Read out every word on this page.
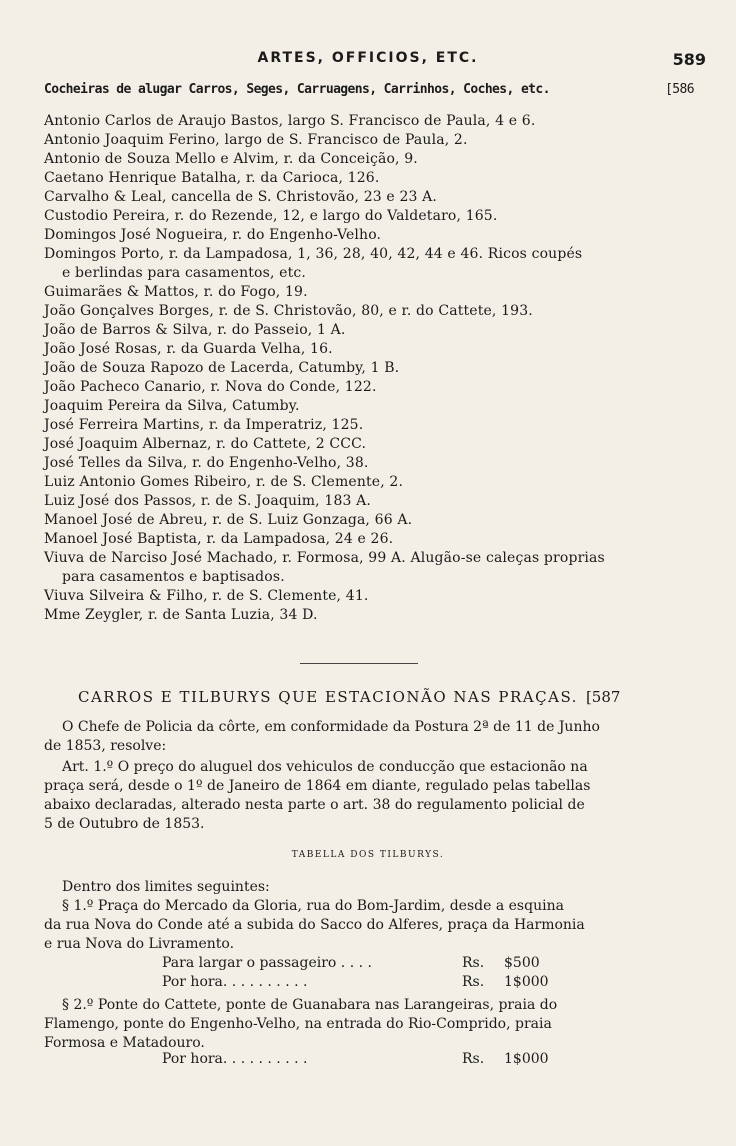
ARTES, OFFICIOS, ETC.	589
Cocheiras de alugar Carros, Seges, Carruagens, Carrinhos, Coches, etc.	[586
Antonio Carlos de Araujo Bastos, largo S. Francisco de Paula, 4 e 6.
Antonio Joaquim Ferino, largo de S. Francisco de Paula, 2.
Antonio de Souza Mello e Alvim, r. da Conceição, 9.
Caetano Henrique Batalha, r. da Carioca, 126.
Carvalho & Leal, cancella de S. Christovão, 23 e 23 A.
Custodio Pereira, r. do Rezende, 12, e largo do Valdetaro, 165.
Domingos José Nogueira, r. do Engenho-Velho.
Domingos Porto, r. da Lampadosa, 1, 36, 28, 40, 42, 44 e 46. Ricos coupés
e berlindas para casamentos, etc.
Guimarães & Mattos, r. do Fogo, 19.
João Gonçalves Borges, r. de S. Christovão, 80, e r. do Cattete, 193.
João de Barros & Silva, r. do Passeio, 1 A.
João José Rosas, r. da Guarda Velha, 16.
João de Souza Rapozo de Lacerda, Catumby, 1 B.
João Pacheco Canario, r. Nova do Conde, 122.
Joaquim Pereira da Silva, Catumby.
José Ferreira Martins, r. da Imperatriz, 125.
José Joaquim Albernaz, r. do Cattete, 2 CCC.
José Telles da Silva, r. do Engenho-Velho, 38.
Luiz Antonio Gomes Ribeiro, r. de S. Clemente, 2.
Luiz José dos Passos, r. de S. Joaquim, 183 A.
Manoel José de Abreu, r. de S. Luiz Gonzaga, 66 A.
Manoel José Baptista, r. da Lampadosa, 24 e 26.
Viuva de Narciso José Machado, r. Formosa, 99 A. Alugão-se caleças proprias
para casamentos e baptisados.
Viuva Silveira & Filho, r. de S. Clemente, 41.
Mme Zeygler, r. de Santa Luzia, 34 D.
CARROS E TILBURYS QUE ESTACIONÃO NAS PRAÇAS. [587
O Chefe de Policia da côrte, em conformidade da Postura 2ª de 11 de Junho
de 1853, resolve:
Art. 1.º O preço do aluguel dos vehiculos de conducção que estacionão na
praça será, desde o 1º de Janeiro de 1864 em diante, regulado pelas tabellas
abaixo declaradas, alterado nesta parte o art. 38 do regulamento policial de
5 de Outubro de 1853.
TABELLA DOS TILBURYS.
Dentro dos limites seguintes:
§ 1.º Praça do Mercado da Gloria, rua do Bom-Jardim, desde a esquina
da rua Nova do Conde até a subida do Sacco do Alferes, praça da Harmonia
e rua Nova do Livramento.
Para largar o passageiro . . . .	Rs. $500
Por hora. . . . . . . . . .	Rs. 1$000
§ 2.º Ponte do Cattete, ponte de Guanabara nas Larangeiras, praia do
Flamengo, ponte do Engenho-Velho, na entrada do Rio-Comprido, praia
Formosa e Matadouro.
Por hora. . . . . . . . . .	Rs. 1$000
